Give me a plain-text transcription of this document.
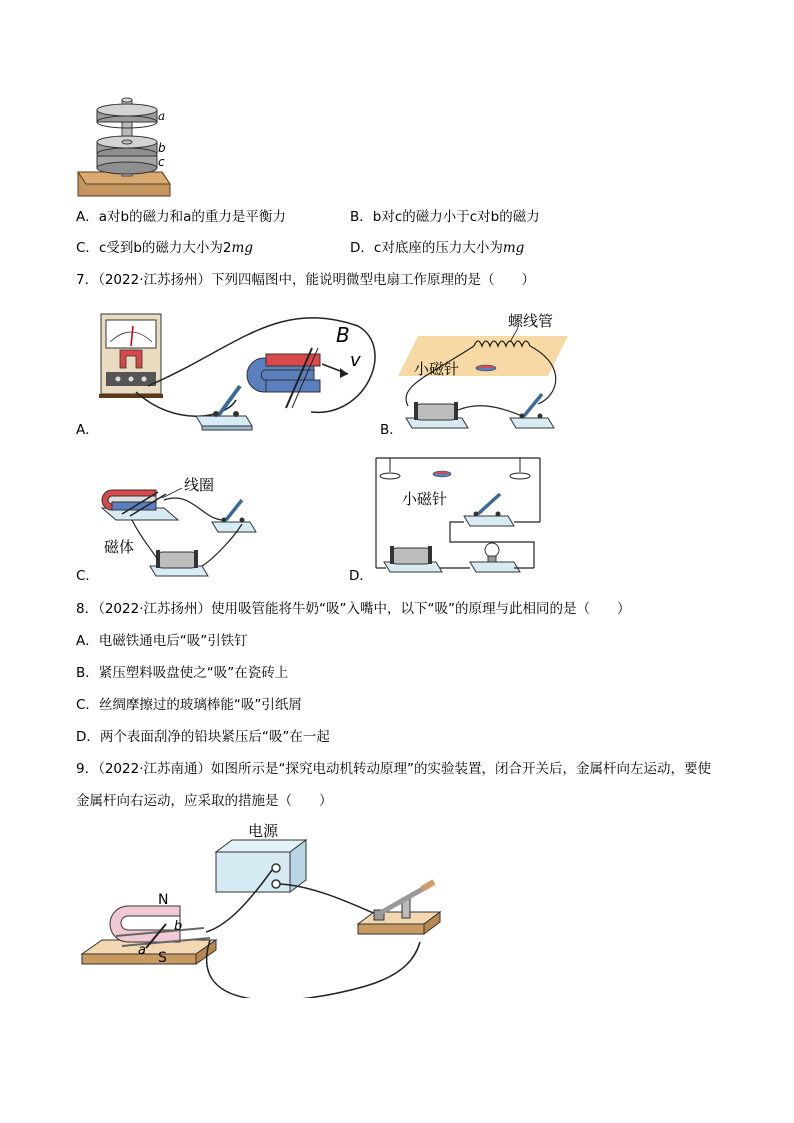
a
b
c
A．a对b的磁力和a的重力是平衡力	B．b对c的磁力小于c对b的磁力
C．c受到b的磁力大小为2mg	D．c对底座的压力大小为mg
7．（2022·江苏扬州）下列四幅图中，能说明微型电扇工作原理的是（　　）
B
v
A．
螺线管
小磁针
B．
线圈
磁体
C．
小磁针
D．
8．（2022·江苏扬州）使用吸管能将牛奶“吸”入嘴中，以下“吸”的原理与此相同的是（　　）
A．电磁铁通电后“吸”引铁钉
B．紧压塑料吸盘使之“吸”在瓷砖上
C．丝绸摩擦过的玻璃棒能“吸”引纸屑
D．两个表面刮净的铅块紧压后“吸”在一起
9．（2022·江苏南通）如图所示是“探究电动机转动原理”的实验装置，闭合开关后，金属杆向左运动，要使
金属杆向右运动，应采取的措施是（　　）
电源
N
S
b
a
